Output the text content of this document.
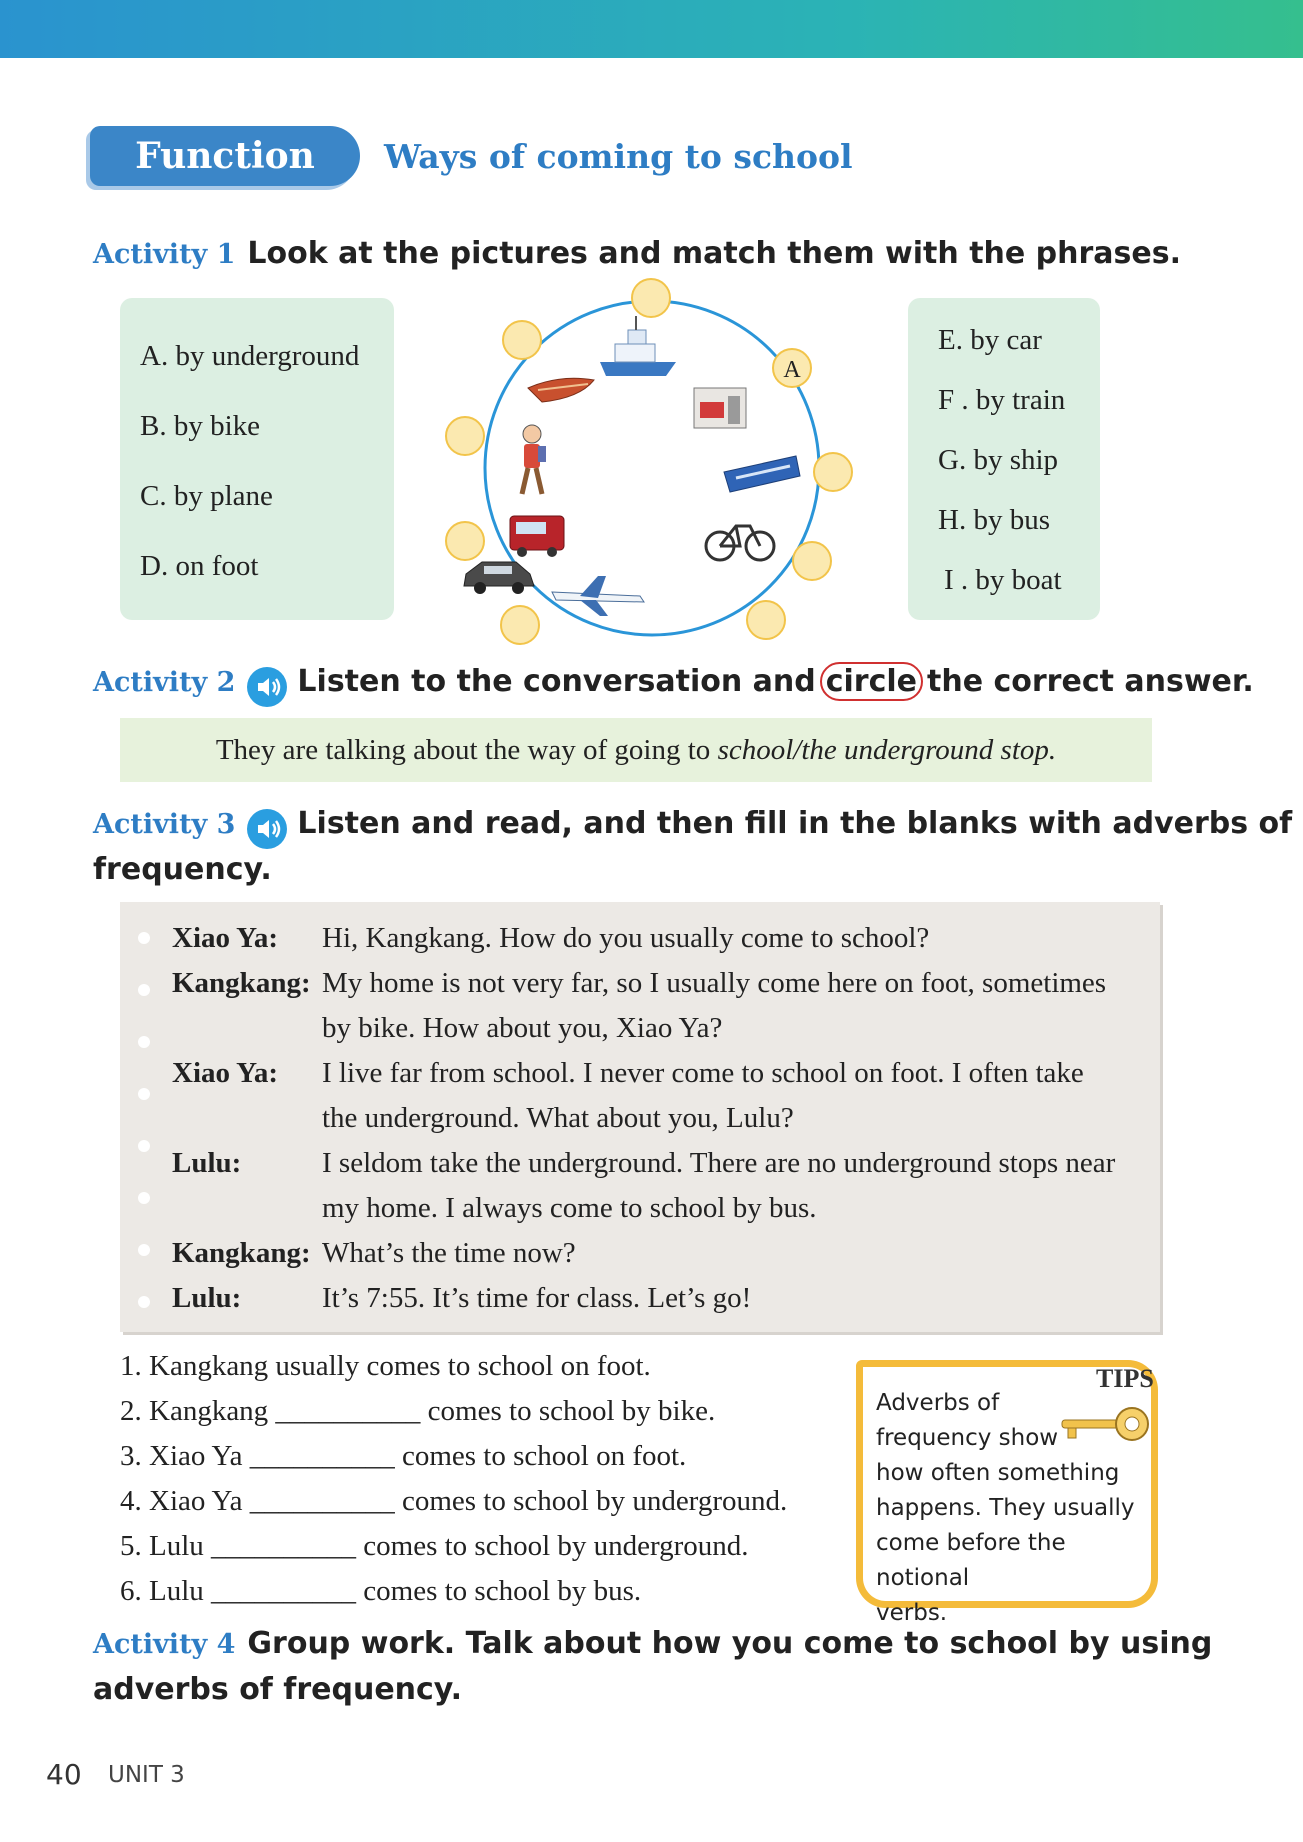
Function	Ways of coming to school
Activity 1 Look at the pictures and match them with the phrases.
A. by underground
B. by bike
C. by plane
D. on foot
E. by car
F . by train
G. by ship
H. by bus
I . by boat
A
Activity 2 Listen to the conversation and circle the correct answer.
They are talking about the way of going to school/the underground stop.
Activity 3 Listen and read, and then fill in the blanks with adverbs of
frequency.
Xiao Ya: Hi, Kangkang. How do you usually come to school?
Kangkang: My home is not very far, so I usually come here on foot, sometimes
by bike. How about you, Xiao Ya?
Xiao Ya: I live far from school. I never come to school on foot. I often take
the underground. What about you, Lulu?
Lulu:	I seldom take the underground. There are no underground stops near
my home. I always come to school by bus.
Kangkang: What’s the time now?
Lulu:	It’s 7:55. It’s time for class. Let’s go!
1. Kangkang usually comes to school on foot.
2. Kangkang __________ comes to school by bike.
3. Xiao Ya __________ comes to school on foot.
4. Xiao Ya __________ comes to school by underground.
5. Lulu __________ comes to school by underground.
6. Lulu __________ comes to school by bus.
TIPS
Adverbs of
frequency show
how often something
happens. They usually
come before the notional
verbs.
Activity 4 Group work. Talk about how you come to school by using
adverbs of frequency.
40 UNIT 3
